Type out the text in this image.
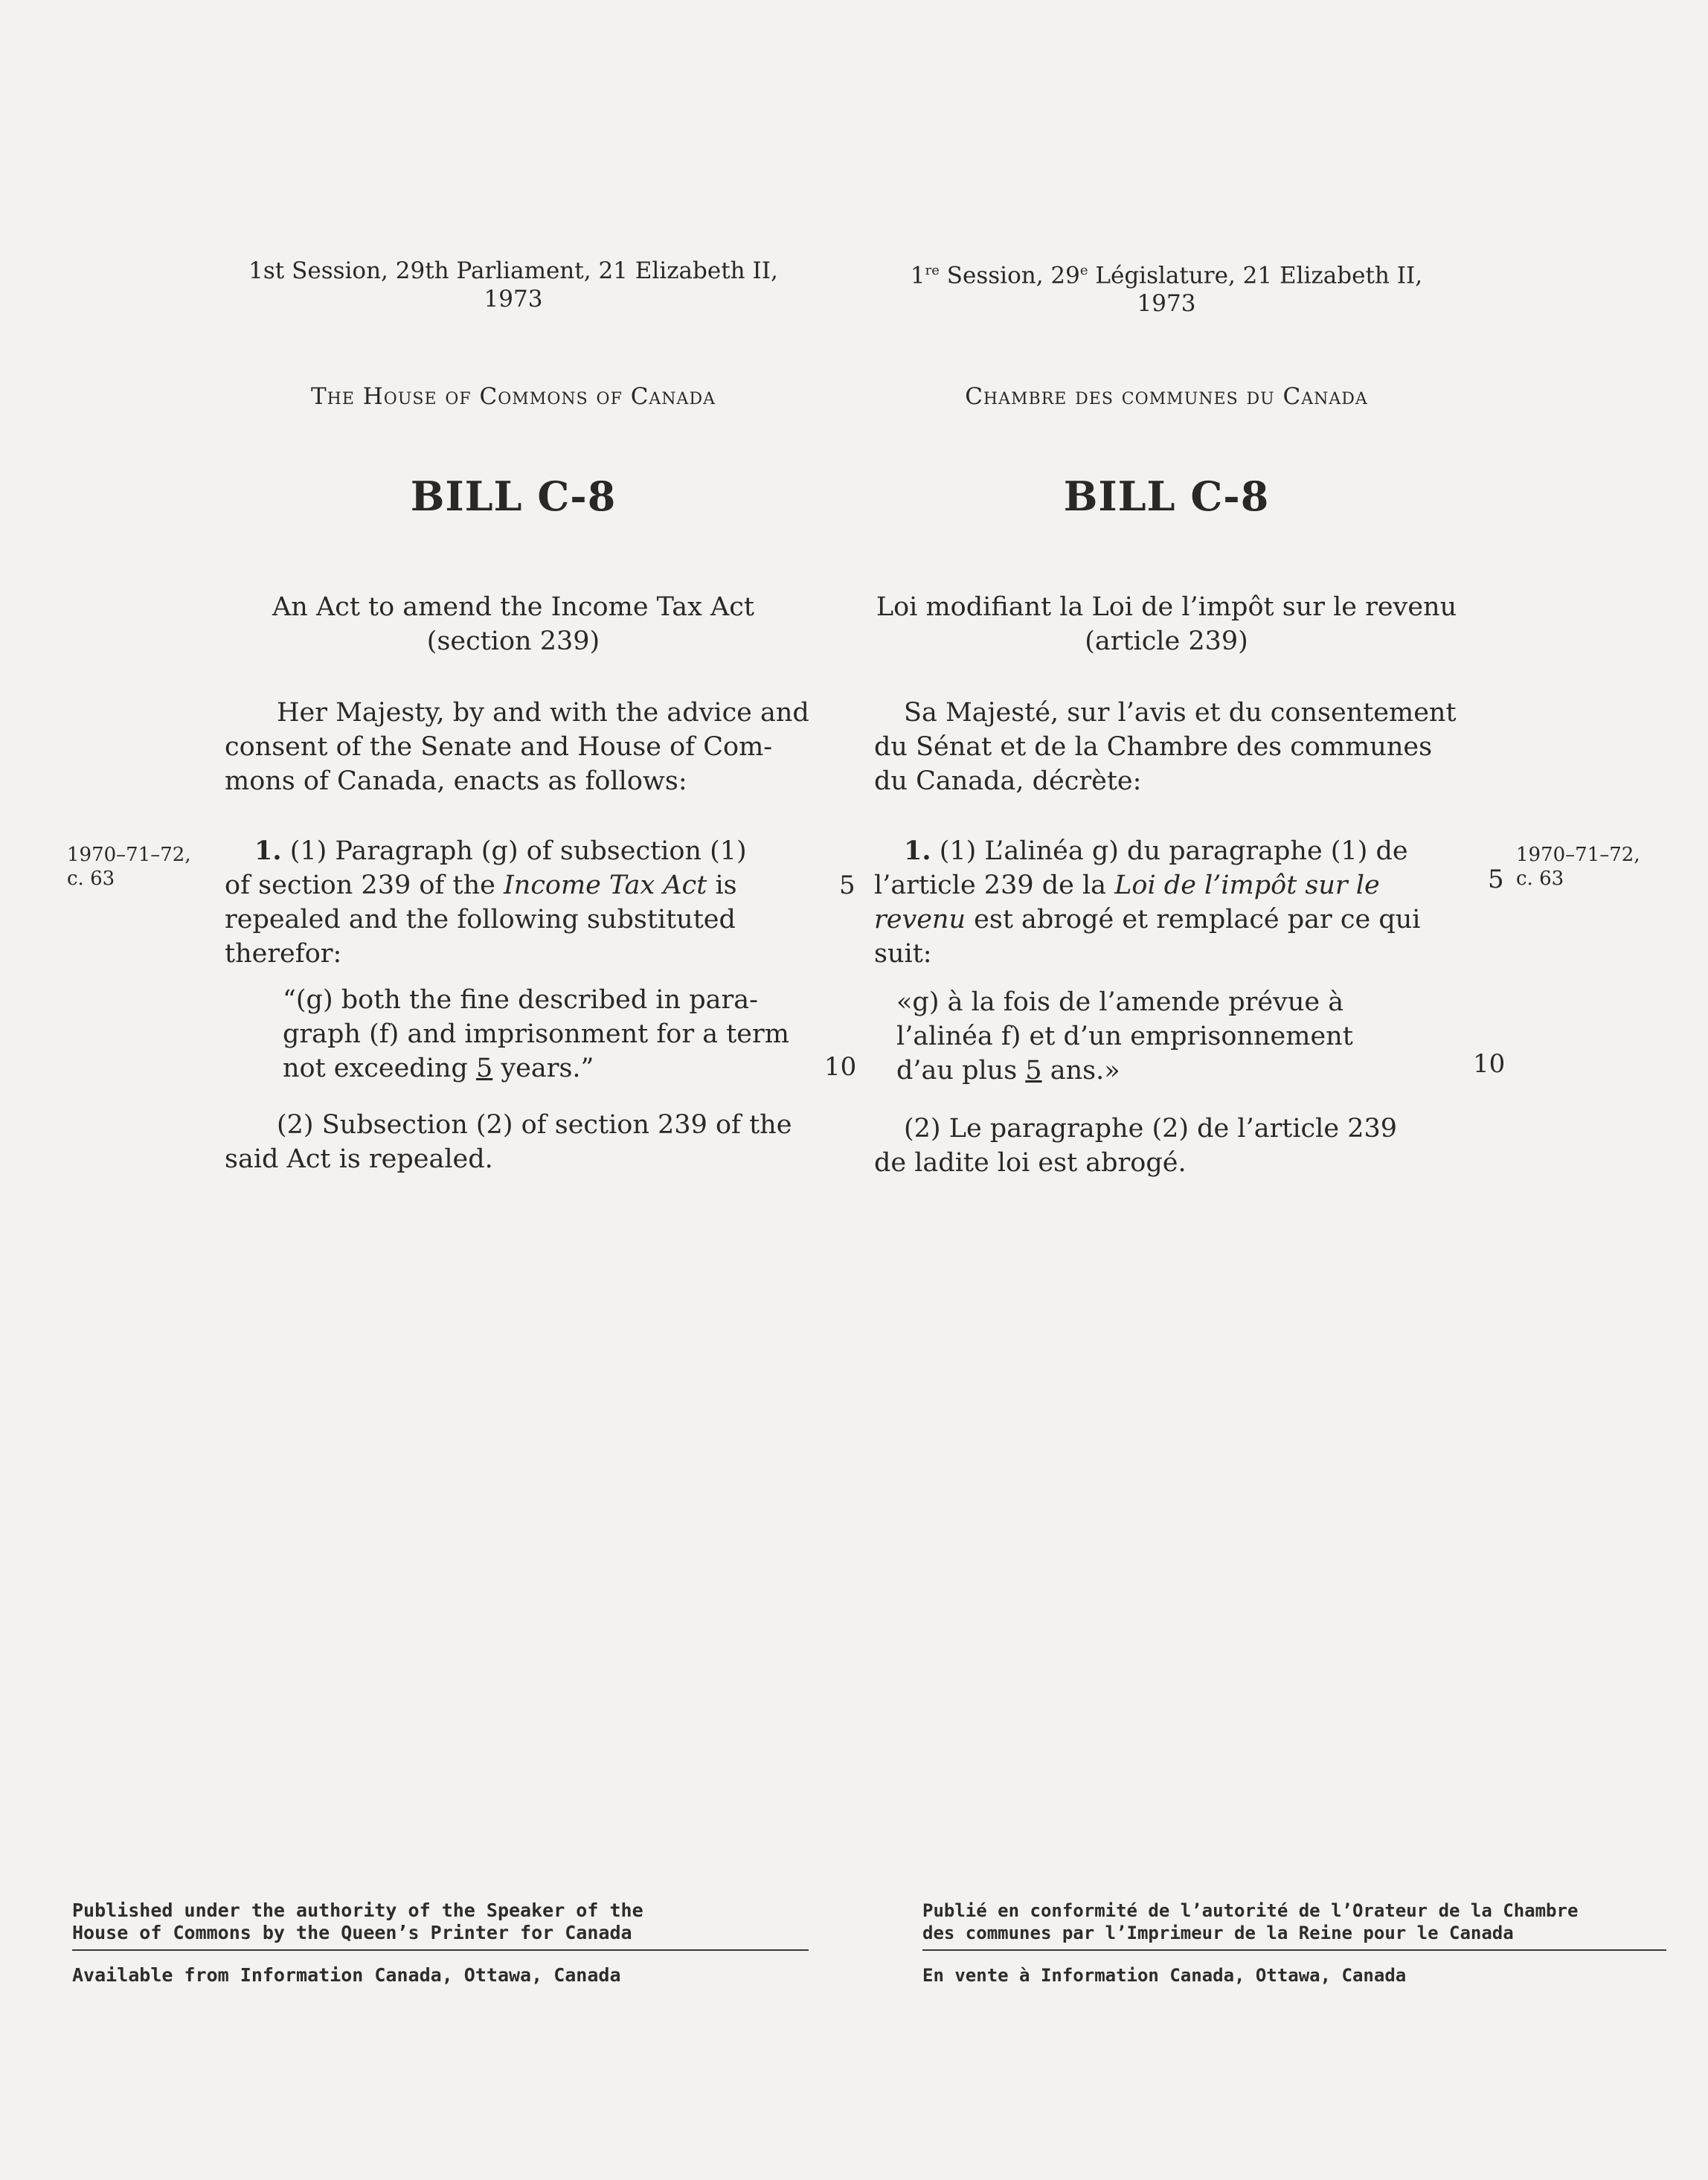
1st Session, 29th Parliament, 21 Elizabeth II,
1973
The House of Commons of Canada
BILL C-8
An Act to amend the Income Tax Act
(section 239)
Her Majesty, by and with the advice and
consent of the Senate and House of Com-
mons of Canada, enacts as follows:
1970–71–72,
c. 63
1. (1) Paragraph (g) of subsection (1)
of section 239 of the Income Tax Act is
repealed and the following substituted
therefor:
“(g) both the fine described in para-
graph (f) and imprisonment for a term
not exceeding 5 years.”
(2) Subsection (2) of section 239 of the
said Act is repealed.
5
10
1re Session, 29e Législature, 21 Elizabeth II,
1973
Chambre des communes du Canada
BILL C-8
Loi modifiant la Loi de l’impôt sur le revenu
(article 239)
Sa Majesté, sur l’avis et du consentement
du Sénat et de la Chambre des communes
du Canada, décrète:
1. (1) L’alinéa g) du paragraphe (1) de
l’article 239 de la Loi de l’impôt sur le
revenu est abrogé et remplacé par ce qui
suit:
«g) à la fois de l’amende prévue à
l’alinéa f) et d’un emprisonnement
d’au plus 5 ans.»
(2) Le paragraphe (2) de l’article 239
de ladite loi est abrogé.
1970–71–72,
c. 63
5
10
Published under the authority of the Speaker of the
House of Commons by the Queen’s Printer for Canada
Available from Information Canada, Ottawa, Canada
Publié en conformité de l’autorité de l’Orateur de la Chambre
des communes par l’Imprimeur de la Reine pour le Canada
En vente à Information Canada, Ottawa, Canada
